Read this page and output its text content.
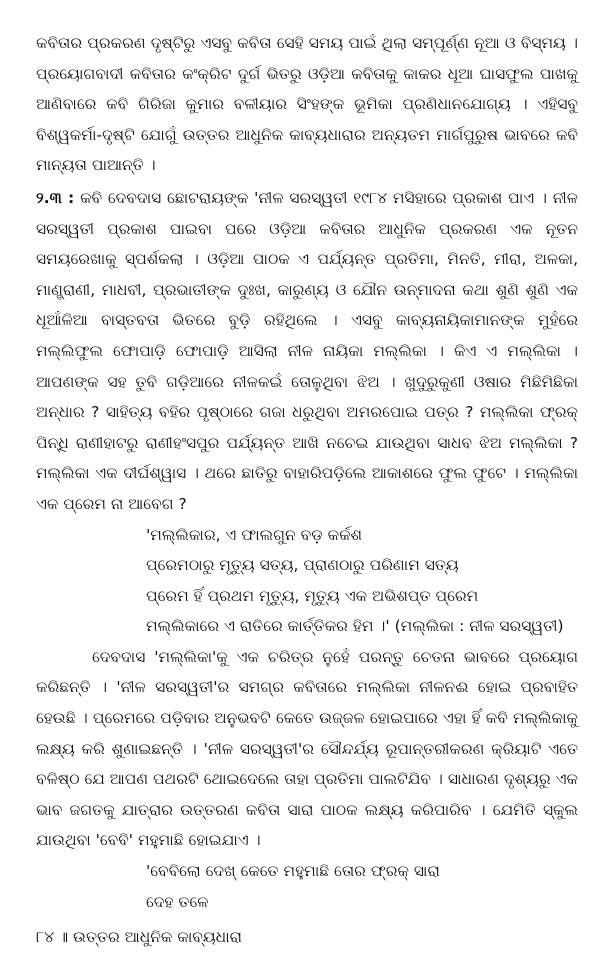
କବିତାର ପ୍ରକରଣ ଦୃଷ୍ଟିରୁ ଏସବୁ କବିତା ସେହି ସମୟ ପାଇଁ ଥିଲା ସମ୍ପୂର୍ଣ୍ଣ ନୂଆ ଓ ବିସ୍ମୟ । ପ୍ରୟୋଗବାଦୀ କବିତାର କଂକ୍ରିଟ ଦୁର୍ଗ ଭିତରୁ ଓଡ଼ିଆ କବିତାକୁ କାକର ଧୂଆ ଘାସଫୁଲ ପାଖକୁ ଆଣିବାରେ କବି ଗିରିଜା କୁମାର ବଳୀୟାର ସିଂହଙ୍କ ଭୂମିକା ପ୍ରଣିଧାନଯୋଗ୍ୟ । ଏହିସବୁ ବିଶ୍ୱକର୍ମା-ଦୃଷ୍ଟି ଯୋଗୁଁ ଉତ୍ତର ଆଧୁନିକ କାବ୍ୟଧାରାର ଅନ୍ୟତମ ମାର୍ଗପୁରୁଷ ଭାବରେ କବି ମାନ୍ୟତା ପାଆନ୍ତି ।

୨.୩ : କବି ଦେବଦାସ ଛୋଟରାୟଙ୍କ 'ନୀଳ ସରସ୍ୱତୀ ୧୯୮୪ ମସିହାରେ ପ୍ରକାଶ ପାଏ । ନୀଳ ସରସ୍ୱତୀ ପ୍ରକାଶ ପାଇବା ପରେ ଓଡ଼ିଆ କବିତାର ଆଧୁନିକ ପ୍ରକରଣ ଏକ ନୂତନ ସମୟରେଖାକୁ ସ୍ପର୍ଶକଲା । ଓଡ଼ିଆ ପାଠକ ଏ ପର୍ଯ୍ୟନ୍ତ ପ୍ରତିମା, ମିନତି, ମୀରା, ଅଳକା, ମାଣ୍ଡ୍ରାଣୀ, ମାଧବୀ, ପ୍ରଭାତୀଙ୍କ ଦୁଃଖ, କାରୁଣ୍ୟ ଓ ଯୌନ ଉନ୍ମାଦନା କଥା ଶୁଣି ଶୁଣି ଏକ ଧୂଆଁଳିଆ ବାସ୍ତବତା ଭିତରେ ବୁଡ଼ି ରହିଥିଲେ । ଏସବୁ କାବ୍ୟନାୟିକାମାନଙ୍କ ମୁହଁରେ ମଲ୍ଲିଫୁଲ ଫୋପାଡ଼ି ଫୋପାଡ଼ି ଆସିଲା ନୀଳ ନାୟିକା ମଲ୍ଲିକା । କିଏ ଏ ମଲ୍ଲିକା । ଆପଣଙ୍କ ସହ ତୁବି ଗଡ଼ିଆରେ ନୀଳକଇଁ ତୋଳୁଥିବା ଝିଅ । ଖୁଦୁରୁକୁଣୀ ଓଷାର ମିଛିମିଛିକା ଅନ୍ଧାର ? ସାହିତ୍ୟ ବହିର ପୃଷ୍ଠାରେ ଗଜା ଧରୁଥିବା ଅମରପୋଇ ପତ୍ର ? ମଲ୍ଲିକା ଫ୍ରକ୍ ପିନ୍ଧି ରାଣୀହାଟରୁ ରାଣୀହଂସପୁର ପର୍ଯ୍ୟନ୍ତ ଆଖି ନଚେଇ ଯାଉଥିବା ସାଧବ ଝିଅ ମଲ୍ଲିକା ? ମଲ୍ଲିକା ଏକ ଦୀର୍ଘଶ୍ୱାସ । ଥରେ ଛାତିରୁ ବାହାରିପଡ଼ିଲେ ଆକାଶରେ ଫୁଲ ଫୁଟେ । ମଲ୍ଲିକା ଏକ ପ୍ରେମ ନା ଆବେଗ ?

'ମଲ୍ଲିକାର, ଏ ଫାଲଗୁନ ବଡ଼ କର୍କଶ
ପ୍ରେମଠାରୁ ମୃତ୍ୟୁ ସତ୍ୟ, ପ୍ରାଣଠାରୁ ପରିଣାମ ସତ୍ୟ
ପ୍ରେମ ହିଁ ପ୍ରଥମ ମୃତ୍ୟୁ, ମୃତ୍ୟୁ ଏକ ଅଭିଶପ୍ତ ପ୍ରେମ
ମଲ୍ଲିକାରେ ଏ ରାତିରେ କାର୍ତ୍ତିକର ହିମ ।' (ମଲ୍ଲିକା : ନୀଳ ସରସ୍ୱତୀ)

ଦେବଦାସ 'ମଲ୍ଲିକା'କୁ ଏକ ଚରିତ୍ର ନୁହେଁ ପରନ୍ତୁ ଚେତନା ଭାବରେ ପ୍ରୟୋଗ କରିଛନ୍ତି । 'ନୀଳ ସରସ୍ୱତୀ'ର ସମଗ୍ର କବିତାରେ ମଲ୍ଲିକା ନୀଳନଈ ହୋଇ ପ୍ରବାହିତ ହେଉଛି । ପ୍ରେମରେ ପଡ଼ିବାର ଅନୁଭବଟି କେତେ ଉଜ୍ଜଳ ହୋଇପାରେ ଏହା ହିଁ କବି ମଲ୍ଲିକାକୁ ଲକ୍ଷ୍ୟ କରି ଶୁଣାଇଛନ୍ତି । 'ନୀଳ ସରସ୍ୱତୀ'ର ସୌନ୍ଦର୍ଯ୍ୟ ରୂପାନ୍ତରୀକରଣ କ୍ରିୟାଟି ଏତେ ବଳିଷ୍ଠ ଯେ ଆପଣ ପଥରଟି ଥୋଇଦେଲେ ତାହା ପ୍ରତିମା ପାଲଟିଯିବ । ସାଧାରଣ ଦୃଶ୍ୟରୁ ଏକ ଭାବ ଜଗତକୁ ଯାତ୍ରାର ଉତ୍ତରଣ କବିତା ସାରା ପାଠକ ଲକ୍ଷ୍ୟ କରିପାରିବ । ଯେମିତି ସ୍କୁଲ ଯାଉଥିବା 'ବେବି' ମହୁମାଛି ହୋଇଯାଏ ।

'ବେବିଲୋ ଦେଖ୍ କେତେ ମହୁମାଛି ତୋର ଫ୍ରକ୍ ସାରା
ଦେହ ତଳେ
୮୪ ॥ ଉତ୍ତର ଆଧୁନିକ କାବ୍ୟଧାରା
